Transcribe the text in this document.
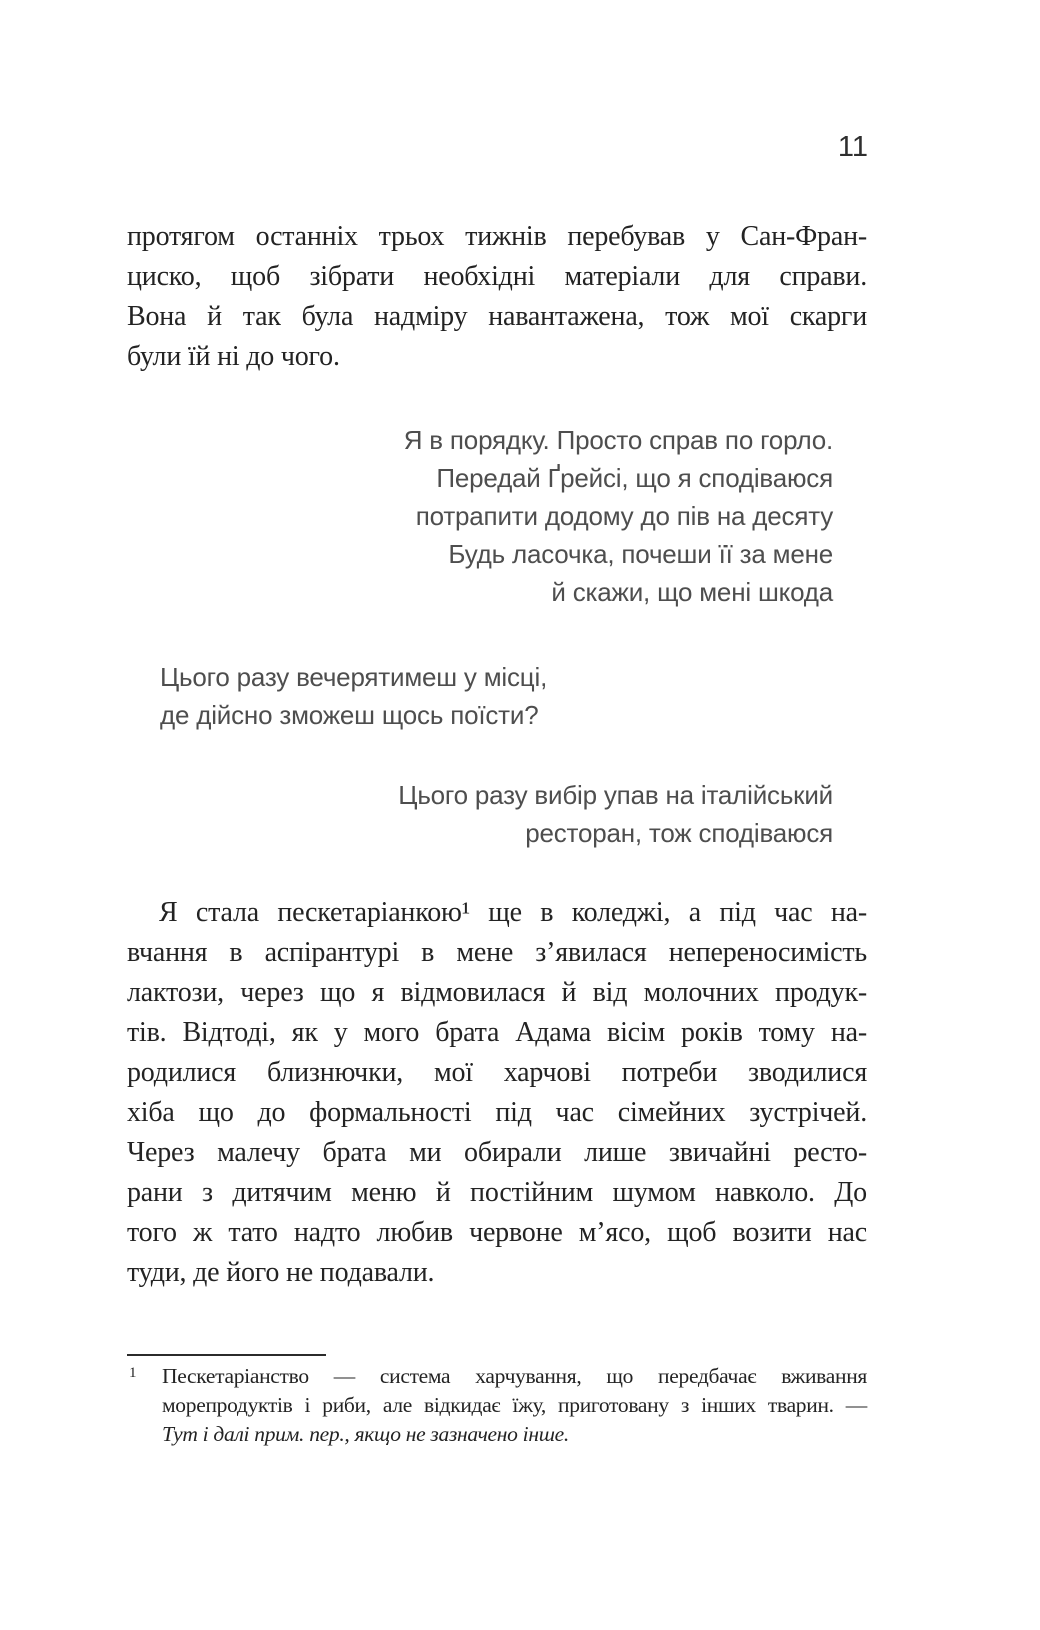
11
протягом останніх трьох тижнів перебував у Сан-Фран-
циско, щоб зібрати необхідні матеріали для справи.
Вона й так була надміру навантажена, тож мої скарги
були їй ні до чого.
Я в порядку. Просто справ по горло.
Передай Ґрейсі, що я сподіваюся
потрапити додому до пів на десяту
Будь ласочка, почеши її за мене
й скажи, що мені шкода
Цього разу вечерятимеш у місці,
де дійсно зможеш щось поїсти?
Цього разу вибір упав на італійський
ресторан, тож сподіваюся
Я стала пескетаріанкою¹ ще в коледжі, а під час на-
вчання в аспірантурі в мене з’явилася непереносимість
лактози, через що я відмовилася й від молочних продук-
тів. Відтоді, як у мого брата Адама вісім років тому на-
родилися близнючки, мої харчові потреби зводилися
хіба що до формальності під час сімейних зустрічей.
Через малечу брата ми обирали лише звичайні ресто-
рани з дитячим меню й постійним шумом навколо. До
того ж тато надто любив червоне м’ясо, щоб возити нас
туди, де його не подавали.
1 Пескетаріанство — система харчування, що передбачає вживання
морепродуктів і риби, але відкидає їжу, приготовану з інших тварин. —
Тут і далі прим. пер., якщо не зазначено інше.
